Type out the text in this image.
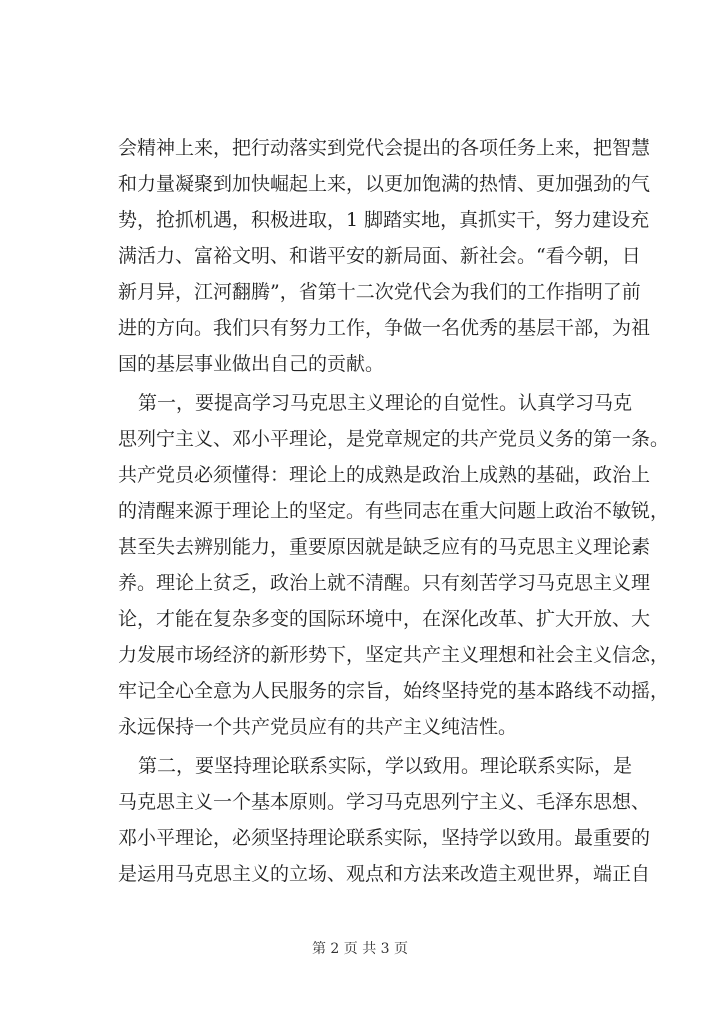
会精神上来，把行动落实到党代会提出的各项任务上来，把智慧
和力量凝聚到加快崛起上来，以更加饱满的热情、更加强劲的气
势，抢抓机遇，积极进取，1 脚踏实地，真抓实干，努力建设充
满活力、富裕文明、和谐平安的新局面、新社会。“看今朝，日
新月异，江河翻腾”，省第十二次党代会为我们的工作指明了前
进的方向。我们只有努力工作，争做一名优秀的基层干部，为祖
国的基层事业做出自己的贡献。
第一，要提高学习马克思主义理论的自觉性。认真学习马克
思列宁主义、邓小平理论，是党章规定的共产党员义务的第一条。
共产党员必须懂得：理论上的成熟是政治上成熟的基础，政治上
的清醒来源于理论上的坚定。有些同志在重大问题上政治不敏锐，
甚至失去辨别能力，重要原因就是缺乏应有的马克思主义理论素
养。理论上贫乏，政治上就不清醒。只有刻苦学习马克思主义理
论，才能在复杂多变的国际环境中，在深化改革、扩大开放、大
力发展市场经济的新形势下，坚定共产主义理想和社会主义信念，
牢记全心全意为人民服务的宗旨，始终坚持党的基本路线不动摇，
永远保持一个共产党员应有的共产主义纯洁性。
第二，要坚持理论联系实际，学以致用。理论联系实际，是
马克思主义一个基本原则。学习马克思列宁主义、毛泽东思想、
邓小平理论，必须坚持理论联系实际，坚持学以致用。最重要的
是运用马克思主义的立场、观点和方法来改造主观世界，端正自
第 2 页 共 3 页
